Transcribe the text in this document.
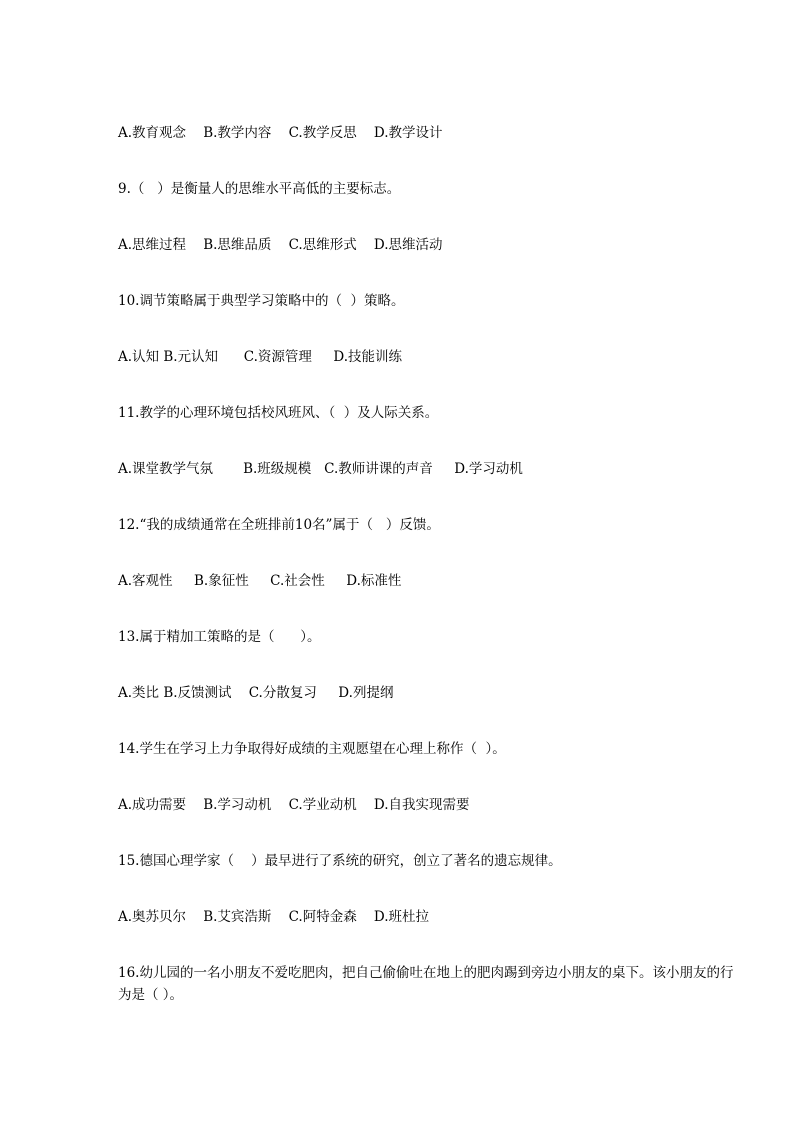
A.教育观念    B.教学内容    C.教学反思    D.教学设计
9.（   ）是衡量人的思维水平高低的主要标志。
A.思维过程    B.思维品质    C.思维形式    D.思维活动
10.调节策略属于典型学习策略中的（  ）策略。
A.认知 B.元认知      C.资源管理     D.技能训练
11.教学的心理环境包括校风班风、（  ）及人际关系。
A.课堂教学气氛       B.班级规模   C.教师讲课的声音     D.学习动机
12.“我的成绩通常在全班排前10名”属于（   ）反馈。
A.客观性     B.象征性     C.社会性     D.标准性
13.属于精加工策略的是（      ）。
A.类比 B.反馈测试    C.分散复习     D.列提纲
14.学生在学习上力争取得好成绩的主观愿望在心理上称作（  ）。
A.成功需要    B.学习动机    C.学业动机    D.自我实现需要
15.德国心理学家（    ）最早进行了系统的研究，创立了著名的遗忘规律。
A.奥苏贝尔    B.艾宾浩斯    C.阿特金森    D.班杜拉
16.幼儿园的一名小朋友不爱吃肥肉，把自己偷偷吐在地上的肥肉踢到旁边小朋友的桌下。该小朋友的行为是（ ）。
